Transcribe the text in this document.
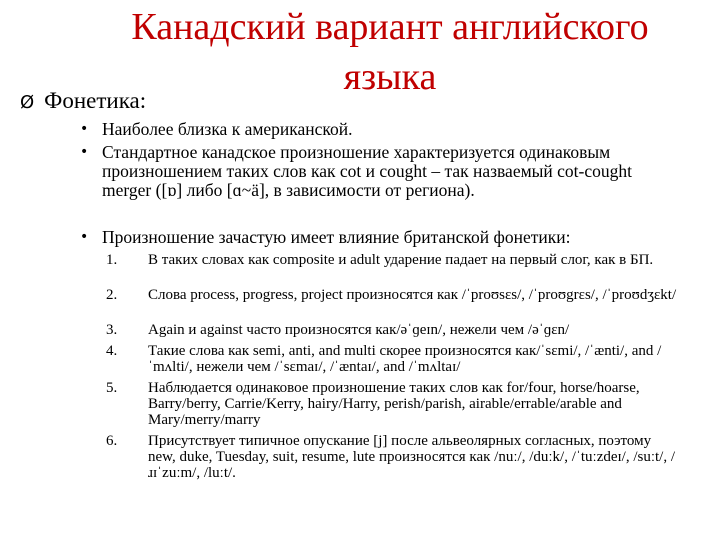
Канадский вариант английского
языка
Ø Фонетика:
• Наиболее близка к американской.
• Стандартное канадское произношение характеризуется одинаковым произношением таких слов как cot и cought – так назваемый cot-cought merger ([ɒ] либо [ɑ~ä], в зависимости от региона).
• Произношение зачастую имеет влияние британской фонетики:
1.	В таких словах как composite и adult ударение падает на первый слог, как в БП.
2.	Слова process, progress, project произносятся как /ˈproʊsɛs/, /ˈproʊgrɛs/, /ˈproʊdʒɛkt/
3.	Again и against часто произносятся как/əˈɡeɪn/, нежели чем /əˈɡɛn/
4.	Такие слова как semi, anti, and multi скорее произносятся как/ˈsɛmi/, /ˈænti/, and /ˈmʌlti/, нежели чем /ˈsɛmaɪ/, /ˈæntaɪ/, and /ˈmʌltaɪ/
5.	Наблюдается одинаковое произношение таких слов как for/four, horse/hoarse, Barry/berry, Carrie/Kerry, hairy/Harry, perish/parish, airable/errable/arable and Mary/merry/marry
6.	Присутствует типичное опускание [j] после альвеолярных согласных, поэтому new, duke, Tuesday, suit, resume, lute произносятся как /nuː/, /duːk/, /ˈtuːzdeɪ/, /suːt/, /ɹɪˈzuːm/, /luːt/.
